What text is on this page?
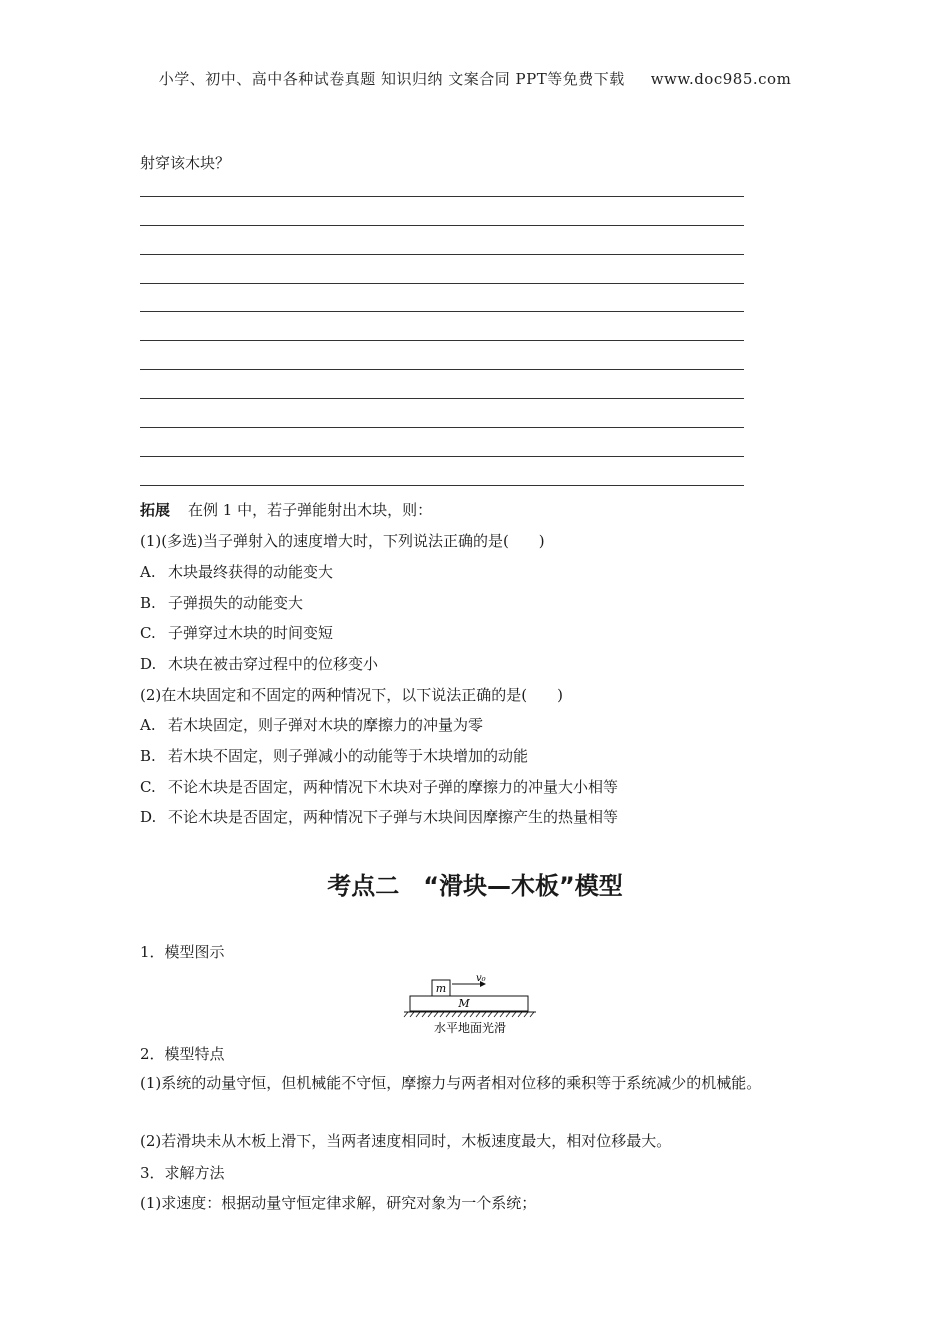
小学、初中、高中各种试卷真题 知识归纳 文案合同 PPT等免费下载 www.doc985.com
射穿该木块？
拓展 在例 1 中，若子弹能射出木块，则：
(1)(多选)当子弹射入的速度增大时，下列说法正确的是(　　)
A. 木块最终获得的动能变大
B. 子弹损失的动能变大
C. 子弹穿过木块的时间变短
D. 木块在被击穿过程中的位移变小
(2)在木块固定和不固定的两种情况下，以下说法正确的是(　　)
A. 若木块固定，则子弹对木块的摩擦力的冲量为零
B. 若木块不固定，则子弹减小的动能等于木块增加的动能
C. 不论木块是否固定，两种情况下木块对子弹的摩擦力的冲量大小相等
D. 不论木块是否固定，两种情况下子弹与木块间因摩擦产生的热量相等
考点二　“滑块—木板”模型
1．模型图示
m
v₀
M
水平地面光滑
2．模型特点
(1)系统的动量守恒，但机械能不守恒，摩擦力与两者相对位移的乘积等于系统减少的机械能。
(2)若滑块未从木板上滑下，当两者速度相同时，木板速度最大，相对位移最大。
3．求解方法
(1)求速度：根据动量守恒定律求解，研究对象为一个系统；
